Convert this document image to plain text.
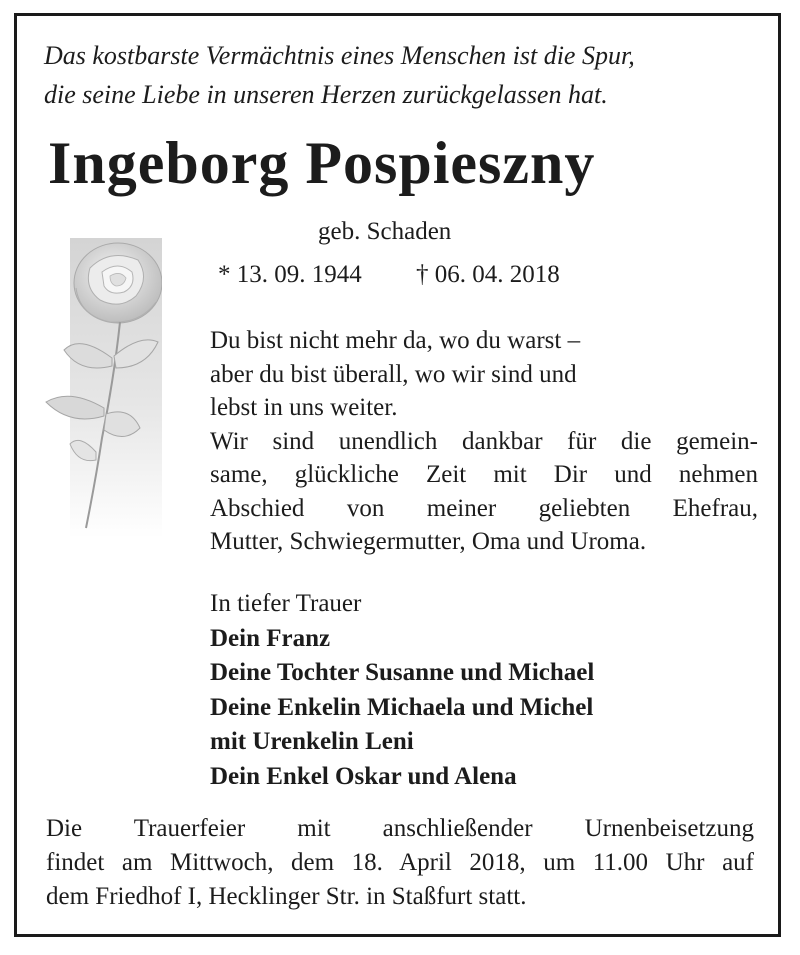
Das kostbarste Vermächtnis eines Menschen ist die Spur,
die seine Liebe in unseren Herzen zurückgelassen hat.
Ingeborg Pospieszny
geb. Schaden
* 13. 09. 1944 † 06. 04. 2018
Du bist nicht mehr da, wo du warst –
aber du bist überall, wo wir sind und
lebst in uns weiter.
Wir sind unendlich dankbar für die gemein-
same, glückliche Zeit mit Dir und nehmen
Abschied von meiner geliebten Ehefrau,
Mutter, Schwiegermutter, Oma und Uroma.
In tiefer Trauer
Dein Franz
Deine Tochter Susanne und Michael
Deine Enkelin Michaela und Michel
mit Urenkelin Leni
Dein Enkel Oskar und Alena
Die Trauerfeier mit anschließender Urnenbeisetzung
findet am Mittwoch, dem 18. April 2018, um 11.00 Uhr auf
dem Friedhof I, Hecklinger Str. in Staßfurt statt.
